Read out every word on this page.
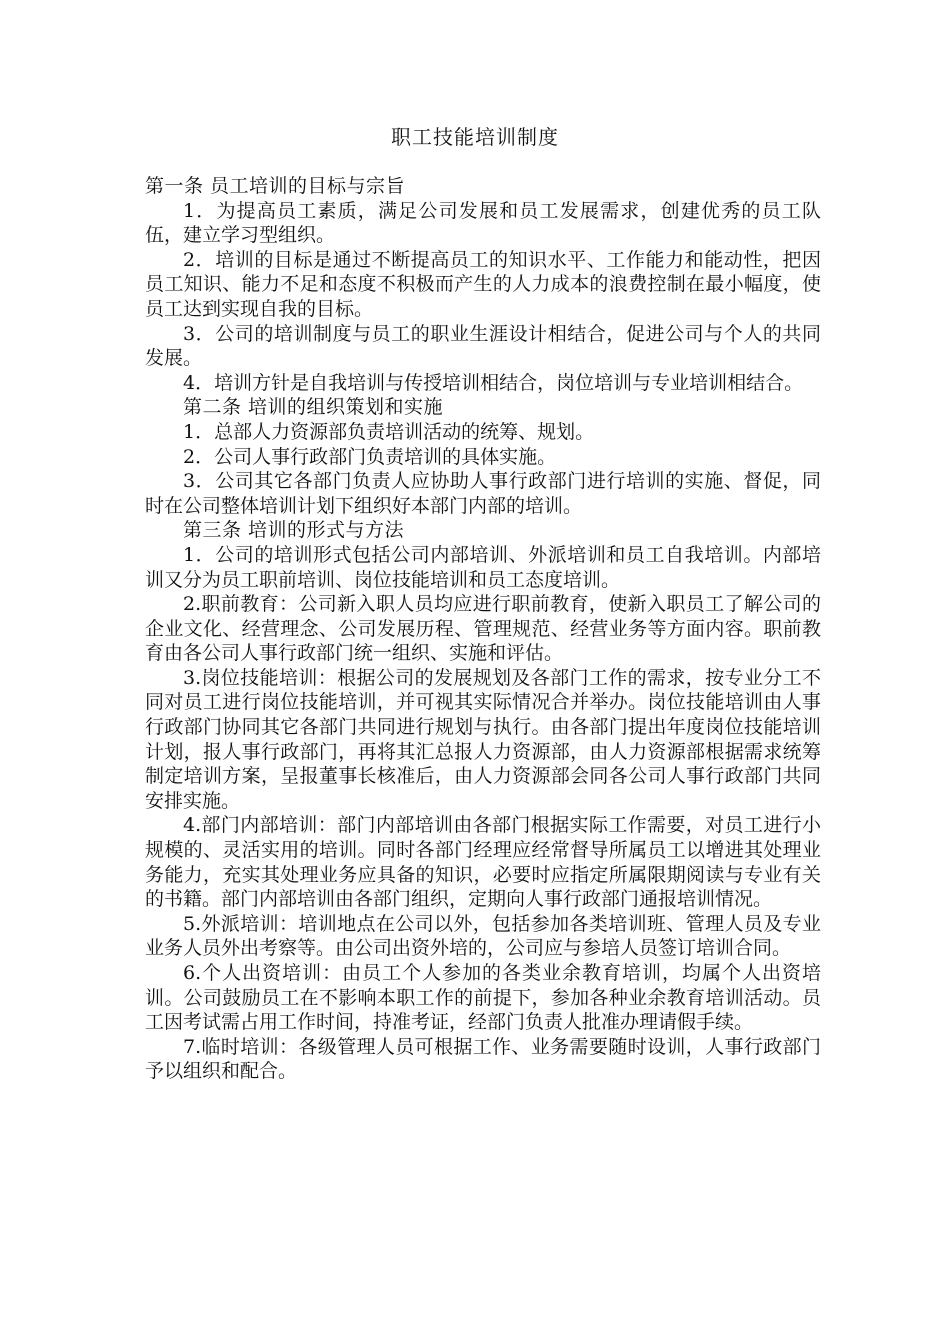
职工技能培训制度

第一条 员工培训的目标与宗旨

1．为提高员工素质，满足公司发展和员工发展需求，创建优秀的员工队伍，建立学习型组织。

2．培训的目标是通过不断提高员工的知识水平、工作能力和能动性，把因员工知识、能力不足和态度不积极而产生的人力成本的浪费控制在最小幅度，使员工达到实现自我的目标。

3．公司的培训制度与员工的职业生涯设计相结合，促进公司与个人的共同发展。

4．培训方针是自我培训与传授培训相结合，岗位培训与专业培训相结合。

第二条 培训的组织策划和实施

1．总部人力资源部负责培训活动的统筹、规划。

2．公司人事行政部门负责培训的具体实施。

3．公司其它各部门负责人应协助人事行政部门进行培训的实施、督促，同时在公司整体培训计划下组织好本部门内部的培训。

第三条 培训的形式与方法

1．公司的培训形式包括公司内部培训、外派培训和员工自我培训。内部培训又分为员工职前培训、岗位技能培训和员工态度培训。

2.职前教育：公司新入职人员均应进行职前教育，使新入职员工了解公司的企业文化、经营理念、公司发展历程、管理规范、经营业务等方面内容。职前教育由各公司人事行政部门统一组织、实施和评估。

3.岗位技能培训：根据公司的发展规划及各部门工作的需求，按专业分工不同对员工进行岗位技能培训，并可视其实际情况合并举办。岗位技能培训由人事行政部门协同其它各部门共同进行规划与执行。由各部门提出年度岗位技能培训计划，报人事行政部门，再将其汇总报人力资源部，由人力资源部根据需求统筹制定培训方案，呈报董事长核准后，由人力资源部会同各公司人事行政部门共同安排实施。

4.部门内部培训：部门内部培训由各部门根据实际工作需要，对员工进行小规模的、灵活实用的培训。同时各部门经理应经常督导所属员工以增进其处理业务能力，充实其处理业务应具备的知识，必要时应指定所属限期阅读与专业有关的书籍。部门内部培训由各部门组织，定期向人事行政部门通报培训情况。

5.外派培训：培训地点在公司以外，包括参加各类培训班、管理人员及专业业务人员外出考察等。由公司出资外培的，公司应与参培人员签订培训合同。

6.个人出资培训：由员工个人参加的各类业余教育培训，均属个人出资培训。公司鼓励员工在不影响本职工作的前提下，参加各种业余教育培训活动。员工因考试需占用工作时间，持准考证，经部门负责人批准办理请假手续。

7.临时培训：各级管理人员可根据工作、业务需要随时设训，人事行政部门予以组织和配合。
